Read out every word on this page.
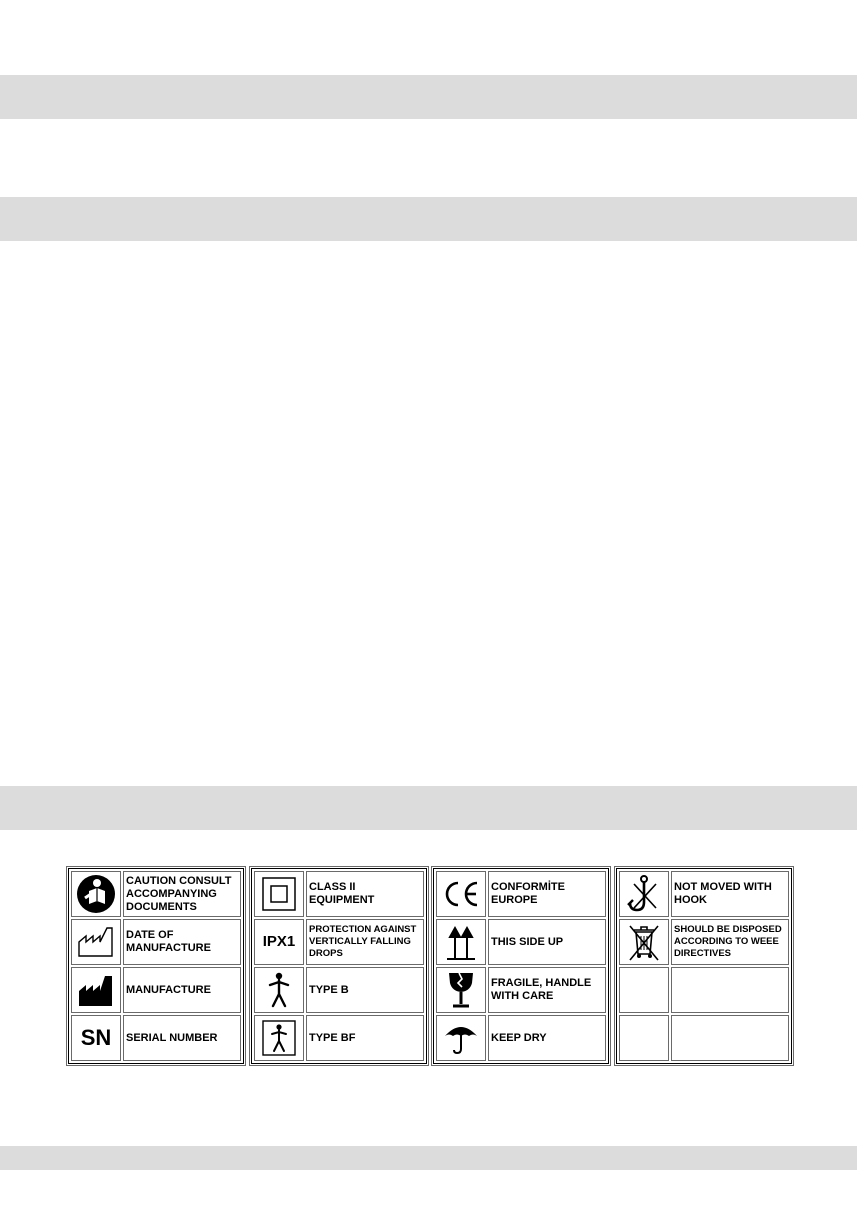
	CAUTION CONSULT ACCOMPANYING DOCUMENTS

	DATE OF MANUFACTURE

	MANUFACTURE
SN	SERIAL NUMBER
	CLASS II EQUIPMENT
IPX1	PROTECTION AGAINST VERTICALLY FALLING DROPS

	TYPE B

	TYPE BF
	CONFORMİTE EUROPE

	THIS SIDE UP

	FRAGILE, HANDLE WITH CARE

	KEEP DRY
	NOT MOVED WITH HOOK

	SHOULD BE DISPOSED ACCORDING TO WEEE DIRECTIVES
